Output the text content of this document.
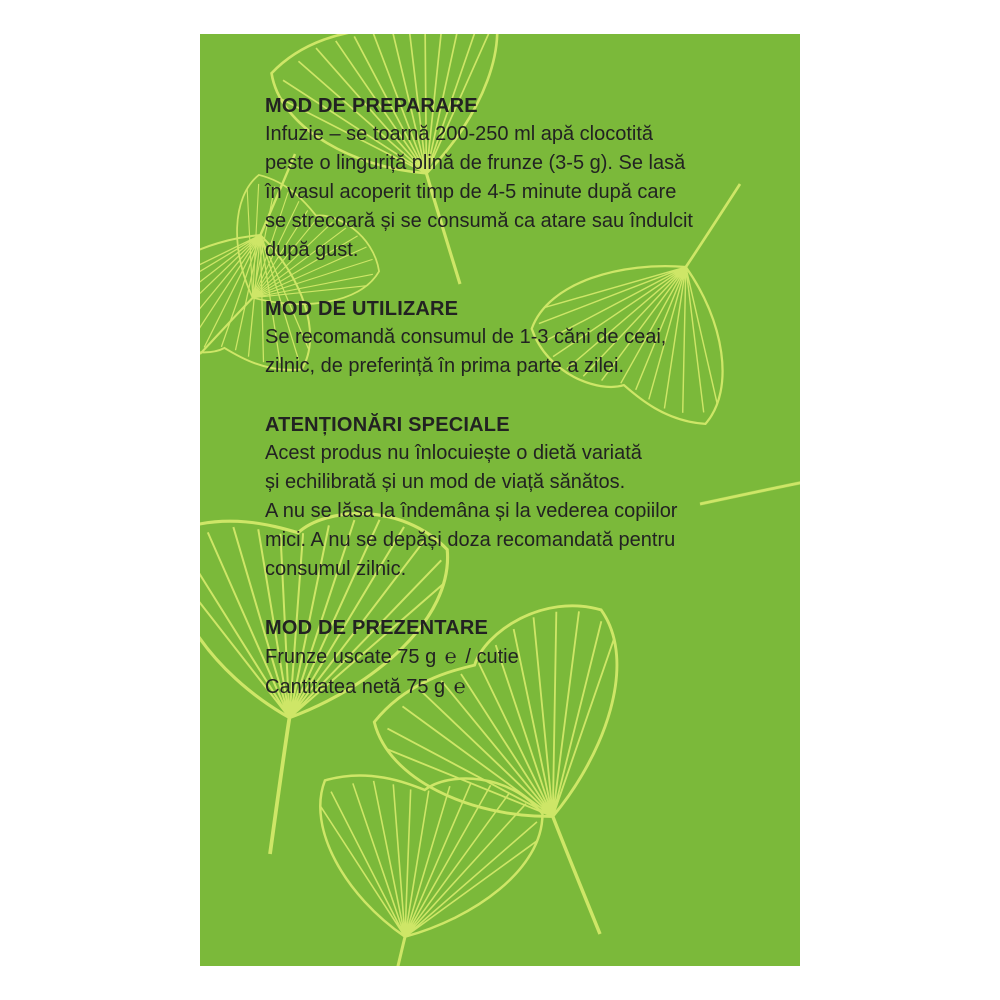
MOD DE PREPARARE

Infuzie – se toarnă 200-250 ml apă clocotită

peste o linguriță plină de frunze (3-5 g). Se lasă

în vasul acoperit timp de 4-5 minute după care

se strecoară și se consumă ca atare sau îndulcit

după gust.

MOD DE UTILIZARE

Se recomandă consumul de 1-3 căni de ceai,

zilnic, de preferință în prima parte a zilei.

ATENȚIONĂRI SPECIALE

Acest produs nu înlocuiește o dietă variată

și echilibrată și un mod de viață sănătos.

A nu se lăsa la îndemâna și la vederea copiilor

mici. A nu se depăși doza recomandată pentru

consumul zilnic.

MOD DE PREZENTARE

Frunze uscate 75 g ℮ / cutie

Cantitatea netă 75 g ℮
